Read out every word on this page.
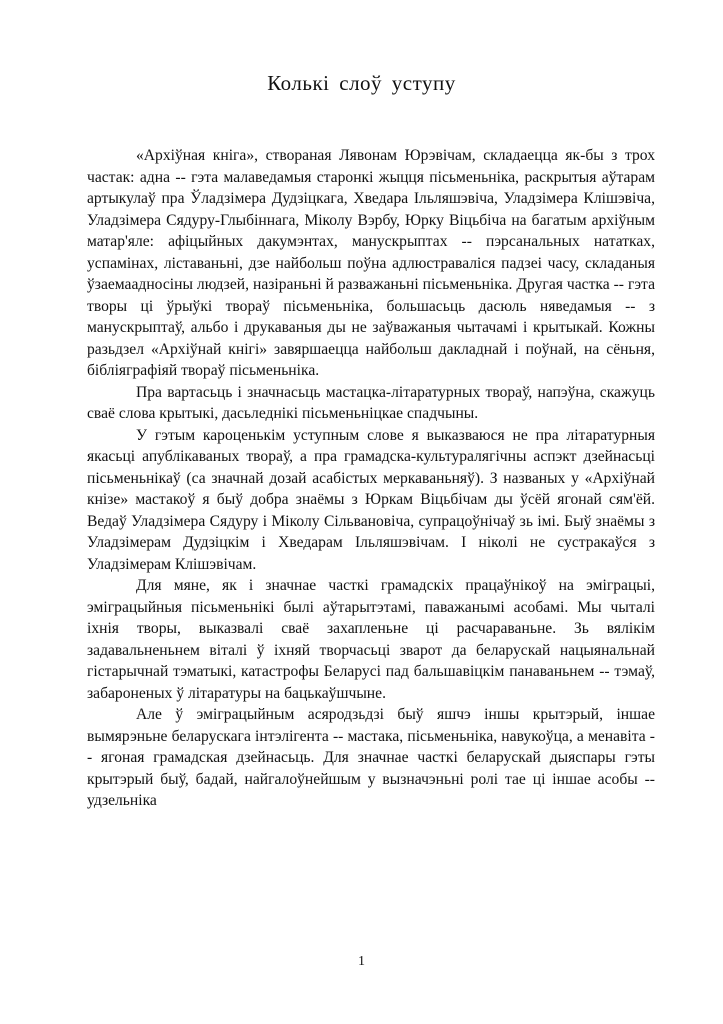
Колькі слоў уступу

«Архіўная кніга», створаная Лявонам Юрэвічам, складаецца як-бы з трох частак: адна -- гэта малаведамыя старонкі жыцця пісьменьніка, раскрытыя аўтарам артыкулаў пра Ўладзімера Дудзіцкага, Хведара Ільляшэвіча, Уладзімера Клішэвіча, Уладзімера Сядуру-Глыбіннага, Міколу Вэрбу, Юрку Віцьбіча на багатым архіўным матар'яле: афіцыйных дакумэнтах, манускрыптах -- пэрсанальных нататках, успамінах, ліставаньні, дзе найбольш поўна адлюстраваліся падзеі часу, складаныя ўзаемаадносіны людзей, назіраньні й разважаньні пісьменьніка. Другая частка -- гэта творы ці ўрыўкі твораў пісьменьніка, большасьць дасюль няведамыя -- з манускрыптаў, альбо і друкаваныя ды не заўважаныя чытачамі і крытыкай. Кожны разьдзел «Архіўнай кнігі» завяршаецца найбольш дакладнай і поўнай, на сёньня, бібліяграфіяй твораў пісьменьніка.

Пра вартасьць і значнасьць мастацка-літаратурных твораў, напэўна, скажуць сваё слова крытыкі, дасьледнікі пісьменьніцкае спадчыны.

У гэтым кароценькім уступным слове я выказваюся не пра літаратурныя якасьці апублікаваных твораў, а пра грамадска-культуралягічны аспэкт дзейнасьці пісьменьнікаў (са значнай дозай асабістых меркаваньняў). З названых у «Архіўнай кнізе» мастакоў я быў добра знаёмы з Юркам Віцьбічам ды ўсёй ягонай сям'ёй. Ведаў Уладзімера Сядуру і Міколу Сільвановіча, супрацоўнічаў зь імі. Быў знаёмы з Уладзімерам Дудзіцкім і Хведарам Ільляшэвічам. І ніколі не сустракаўся з Уладзімерам Клішэвічам.

Для мяне, як і значнае часткі грамадскіх працаўнікоў на эміграцыі, эміграцыйныя пісьменьнікі былі аўтарытэтамі, паважанымі асобамі. Мы чыталі іхнія творы, выказвалі сваё захапленьне ці расчараваньне. Зь вялікім задавальненьнем віталі ў іхняй творчасьці зварот да беларускай нацыянальнай гістарычнай тэматыкі, катастрофы Беларусі пад бальшавіцкім панаваньнем -- тэмаў, забароненых ў літаратуры на бацькаўшчыне.

Але ў эміграцыйным асяродзьдзі быў яшчэ іншы крытэрый, іншае вымярэньне беларускага інтэлігента -- мастака, пісьменьніка, навукоўца, а менавіта -- ягоная грамадская дзейнасьць. Для значнае часткі беларускай дыяспары гэты крытэрый быў, бадай, найгалоўнейшым у вызначэньні ролі тае ці іншае асобы -- удзельніка

1
